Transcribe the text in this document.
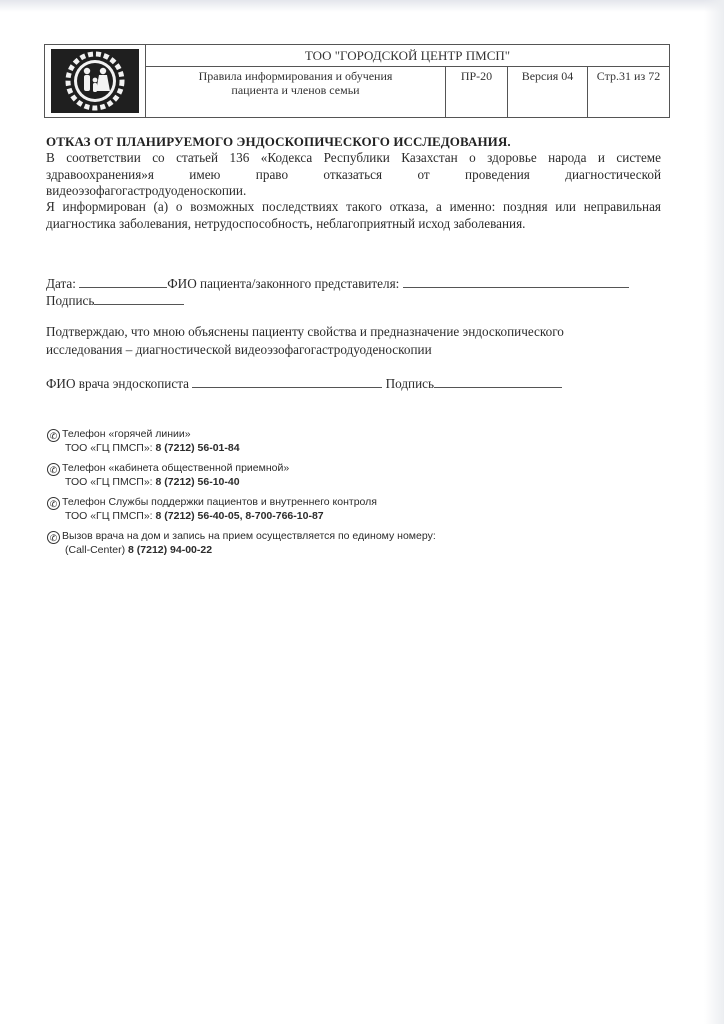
ТОО "ГОРОДСКОЙ ЦЕНТР ПМСП"
Правила информирования и обучения
пациента и членов семьи
ПР-20	Версия 04	Стр.31 из 72
ОТКАЗ ОТ ПЛАНИРУЕМОГО ЭНДОСКОПИЧЕСКОГО ИССЛЕДОВАНИЯ.
В соответствии со статьей 136 «Кодекса Республики Казахстан о здоровье народа и системе здравоохранения»я имею право отказаться от проведения диагностической видеоэзофагогастродуоденоскопии.
Я информирован (а) о возможных последствиях такого отказа, а именно: поздняя или неправильная диагностика заболевания, нетрудоспособность, неблагоприятный исход заболевания.
Дата:	ФИО пациента/законного представителя:
Подпись
Подтверждаю, что мною объяснены пациенту свойства и предназначение эндоскопического
исследования – диагностической видеоэзофагогастродуоденоскопии
ФИО врача эндоскописта	Подпись
✆ Телефон «горячей линии»
ТОО «ГЦ ПМСП»: 8 (7212) 56-01-84
✆ Телефон «кабинета общественной приемной»
ТОО «ГЦ ПМСП»: 8 (7212) 56-10-40
✆ Телефон Службы поддержки пациентов и внутреннего контроля
ТОО «ГЦ ПМСП»: 8 (7212) 56-40-05, 8-700-766-10-87
✆ Вызов врача на дом и запись на прием осуществляется по единому номеру:
(Call-Center) 8 (7212) 94-00-22
